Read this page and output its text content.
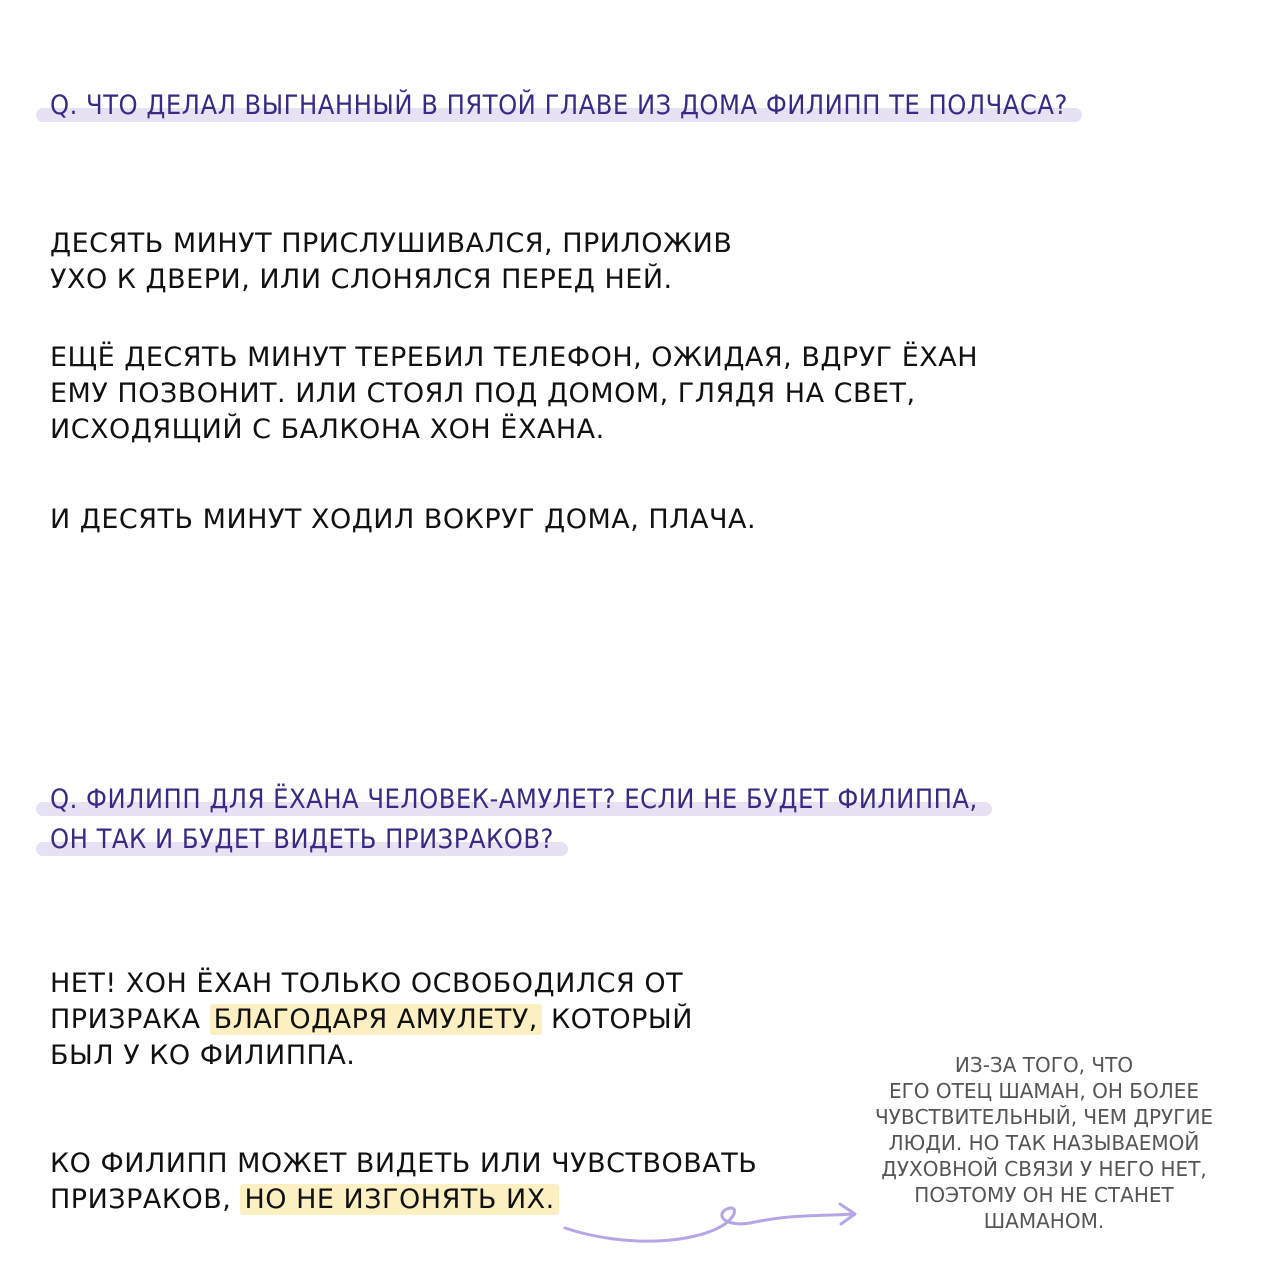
Q. ЧТО ДЕЛАЛ ВЫГНАННЫЙ В ПЯТОЙ ГЛАВЕ ИЗ ДОМА ФИЛИПП ТЕ ПОЛЧАСА?
ДЕСЯТЬ МИНУТ ПРИСЛУШИВАЛСЯ, ПРИЛОЖИВ
УХО К ДВЕРИ, ИЛИ СЛОНЯЛСЯ ПЕРЕД НЕЙ.
ЕЩЁ ДЕСЯТЬ МИНУТ ТЕРЕБИЛ ТЕЛЕФОН, ОЖИДАЯ, ВДРУГ ЁХАН
ЕМУ ПОЗВОНИТ. ИЛИ СТОЯЛ ПОД ДОМОМ, ГЛЯДЯ НА СВЕТ,
ИСХОДЯЩИЙ С БАЛКОНА ХОН ЁХАНА.
И ДЕСЯТЬ МИНУТ ХОДИЛ ВОКРУГ ДОМА, ПЛАЧА.
Q. ФИЛИПП ДЛЯ ЁХАНА ЧЕЛОВЕК-АМУЛЕТ? ЕСЛИ НЕ БУДЕТ ФИЛИППА,
ОН ТАК И БУДЕТ ВИДЕТЬ ПРИЗРАКОВ?
НЕТ! ХОН ЁХАН ТОЛЬКО ОСВОБОДИЛСЯ ОТ
ПРИЗРАКА БЛАГОДАРЯ АМУЛЕТУ, КОТОРЫЙ
БЫЛ У КО ФИЛИППА.
КО ФИЛИПП МОЖЕТ ВИДЕТЬ ИЛИ ЧУВСТВОВАТЬ
ПРИЗРАКОВ, НО НЕ ИЗГОНЯТЬ ИХ.
ИЗ-ЗА ТОГО, ЧТО
ЕГО ОТЕЦ ШАМАН, ОН БОЛЕЕ
ЧУВСТВИТЕЛЬНЫЙ, ЧЕМ ДРУГИЕ
ЛЮДИ. НО ТАК НАЗЫВАЕМОЙ
ДУХОВНОЙ СВЯЗИ У НЕГО НЕТ,
ПОЭТОМУ ОН НЕ СТАНЕТ
ШАМАНОМ.
